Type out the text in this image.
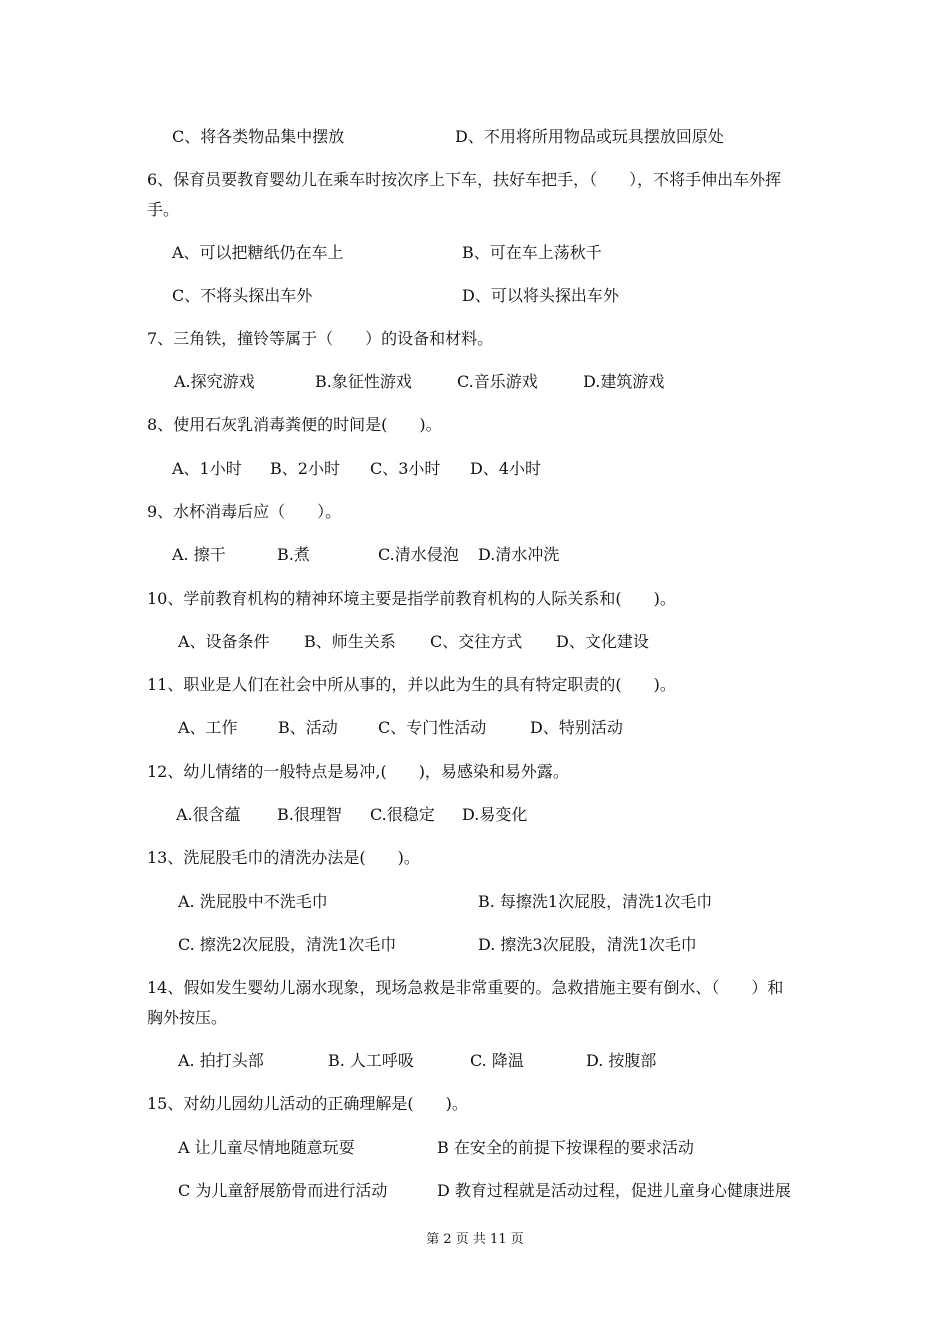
C、将各类物品集中摆放	D、不用将所用物品或玩具摆放回原处
6、保育员要教育婴幼儿在乘车时按次序上下车，扶好车把手，（　　），不将手伸出车外挥
手。
A、可以把糖纸仍在车上	B、可在车上荡秋千
C、不将头探出车外	D、可以将头探出车外
7、三角铁，撞铃等属于（　　）的设备和材料。
A.探究游戏	B.象征性游戏	C.音乐游戏	D.建筑游戏
8、使用石灰乳消毒粪便的时间是(　　)。
A、1小时 B、2小时 C、3小时 D、4小时
9、水杯消毒后应（　　）。
A. 擦干	B.煮	C.清水侵泡 D.清水冲洗
10、学前教育机构的精神环境主要是指学前教育机构的人际关系和(　　)。
A、设备条件 B、师生关系 C、交往方式 D、文化建设
11、职业是人们在社会中所从事的，并以此为生的具有特定职责的(　　)。
A、工作	B、活动	C、专门性活动	D、特别活动
12、幼儿情绪的一般特点是易冲,(　　)，易感染和易外露。
A.很含蕴 B.很理智 C.很稳定 D.易变化
13、洗屁股毛巾的清洗办法是(　　)。
A. 洗屁股中不洗毛巾	B. 每擦洗1次屁股，清洗1次毛巾
C. 擦洗2次屁股，清洗1次毛巾	D. 擦洗3次屁股，清洗1次毛巾
14、假如发生婴幼儿溺水现象，现场急救是非常重要的。急救措施主要有倒水、（　　）和
胸外按压。
A. 拍打头部	B. 人工呼吸	C. 降温	D. 按腹部
15、对幼儿园幼儿活动的正确理解是(　　)。
A 让儿童尽情地随意玩耍	B 在安全的前提下按课程的要求活动
C 为儿童舒展筋骨而进行活动	D 教育过程就是活动过程，促进儿童身心健康进展
第 2 页 共 11 页
